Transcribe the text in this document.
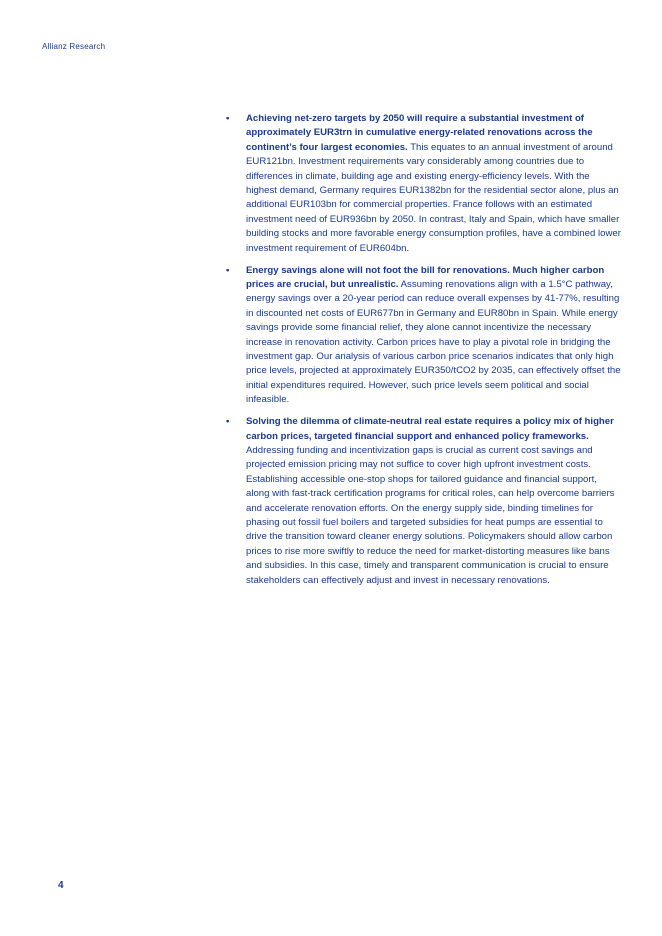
Allianz Research
• Achieving net-zero targets by 2050 will require a substantial investment of approximately EUR3trn in cumulative energy-related renovations across the continent’s four largest economies. This equates to an annual investment of around EUR121bn. Investment requirements vary considerably among countries due to differences in climate, building age and existing energy-efficiency levels. With the highest demand, Germany requires EUR1382bn for the residential sector alone, plus an additional EUR103bn for commercial properties. France follows with an estimated investment need of EUR936bn by 2050. In contrast, Italy and Spain, which have smaller building stocks and more favorable energy consumption profiles, have a combined lower investment requirement of EUR604bn.
• Energy savings alone will not foot the bill for renovations. Much higher carbon prices are crucial, but unrealistic. Assuming renovations align with a 1.5°C pathway, energy savings over a 20-year period can reduce overall expenses by 41-77%, resulting in discounted net costs of EUR677bn in Germany and EUR80bn in Spain. While energy savings provide some financial relief, they alone cannot incentivize the necessary increase in renovation activity. Carbon prices have to play a pivotal role in bridging the investment gap. Our analysis of various carbon price scenarios indicates that only high price levels, projected at approximately EUR350/tCO2 by 2035, can effectively offset the initial expenditures required. However, such price levels seem political and social infeasible.
• Solving the dilemma of climate-neutral real estate requires a policy mix of higher carbon prices, targeted financial support and enhanced policy frameworks. Addressing funding and incentivization gaps is crucial as current cost savings and projected emission pricing may not suffice to cover high upfront investment costs. Establishing accessible one-stop shops for tailored guidance and financial support, along with fast-track certification programs for critical roles, can help overcome barriers and accelerate renovation efforts. On the energy supply side, binding timelines for phasing out fossil fuel boilers and targeted subsidies for heat pumps are essential to drive the transition toward cleaner energy solutions. Policymakers should allow carbon prices to rise more swiftly to reduce the need for market-distorting measures like bans and subsidies. In this case, timely and transparent communication is crucial to ensure stakeholders can effectively adjust and invest in necessary renovations.
4
